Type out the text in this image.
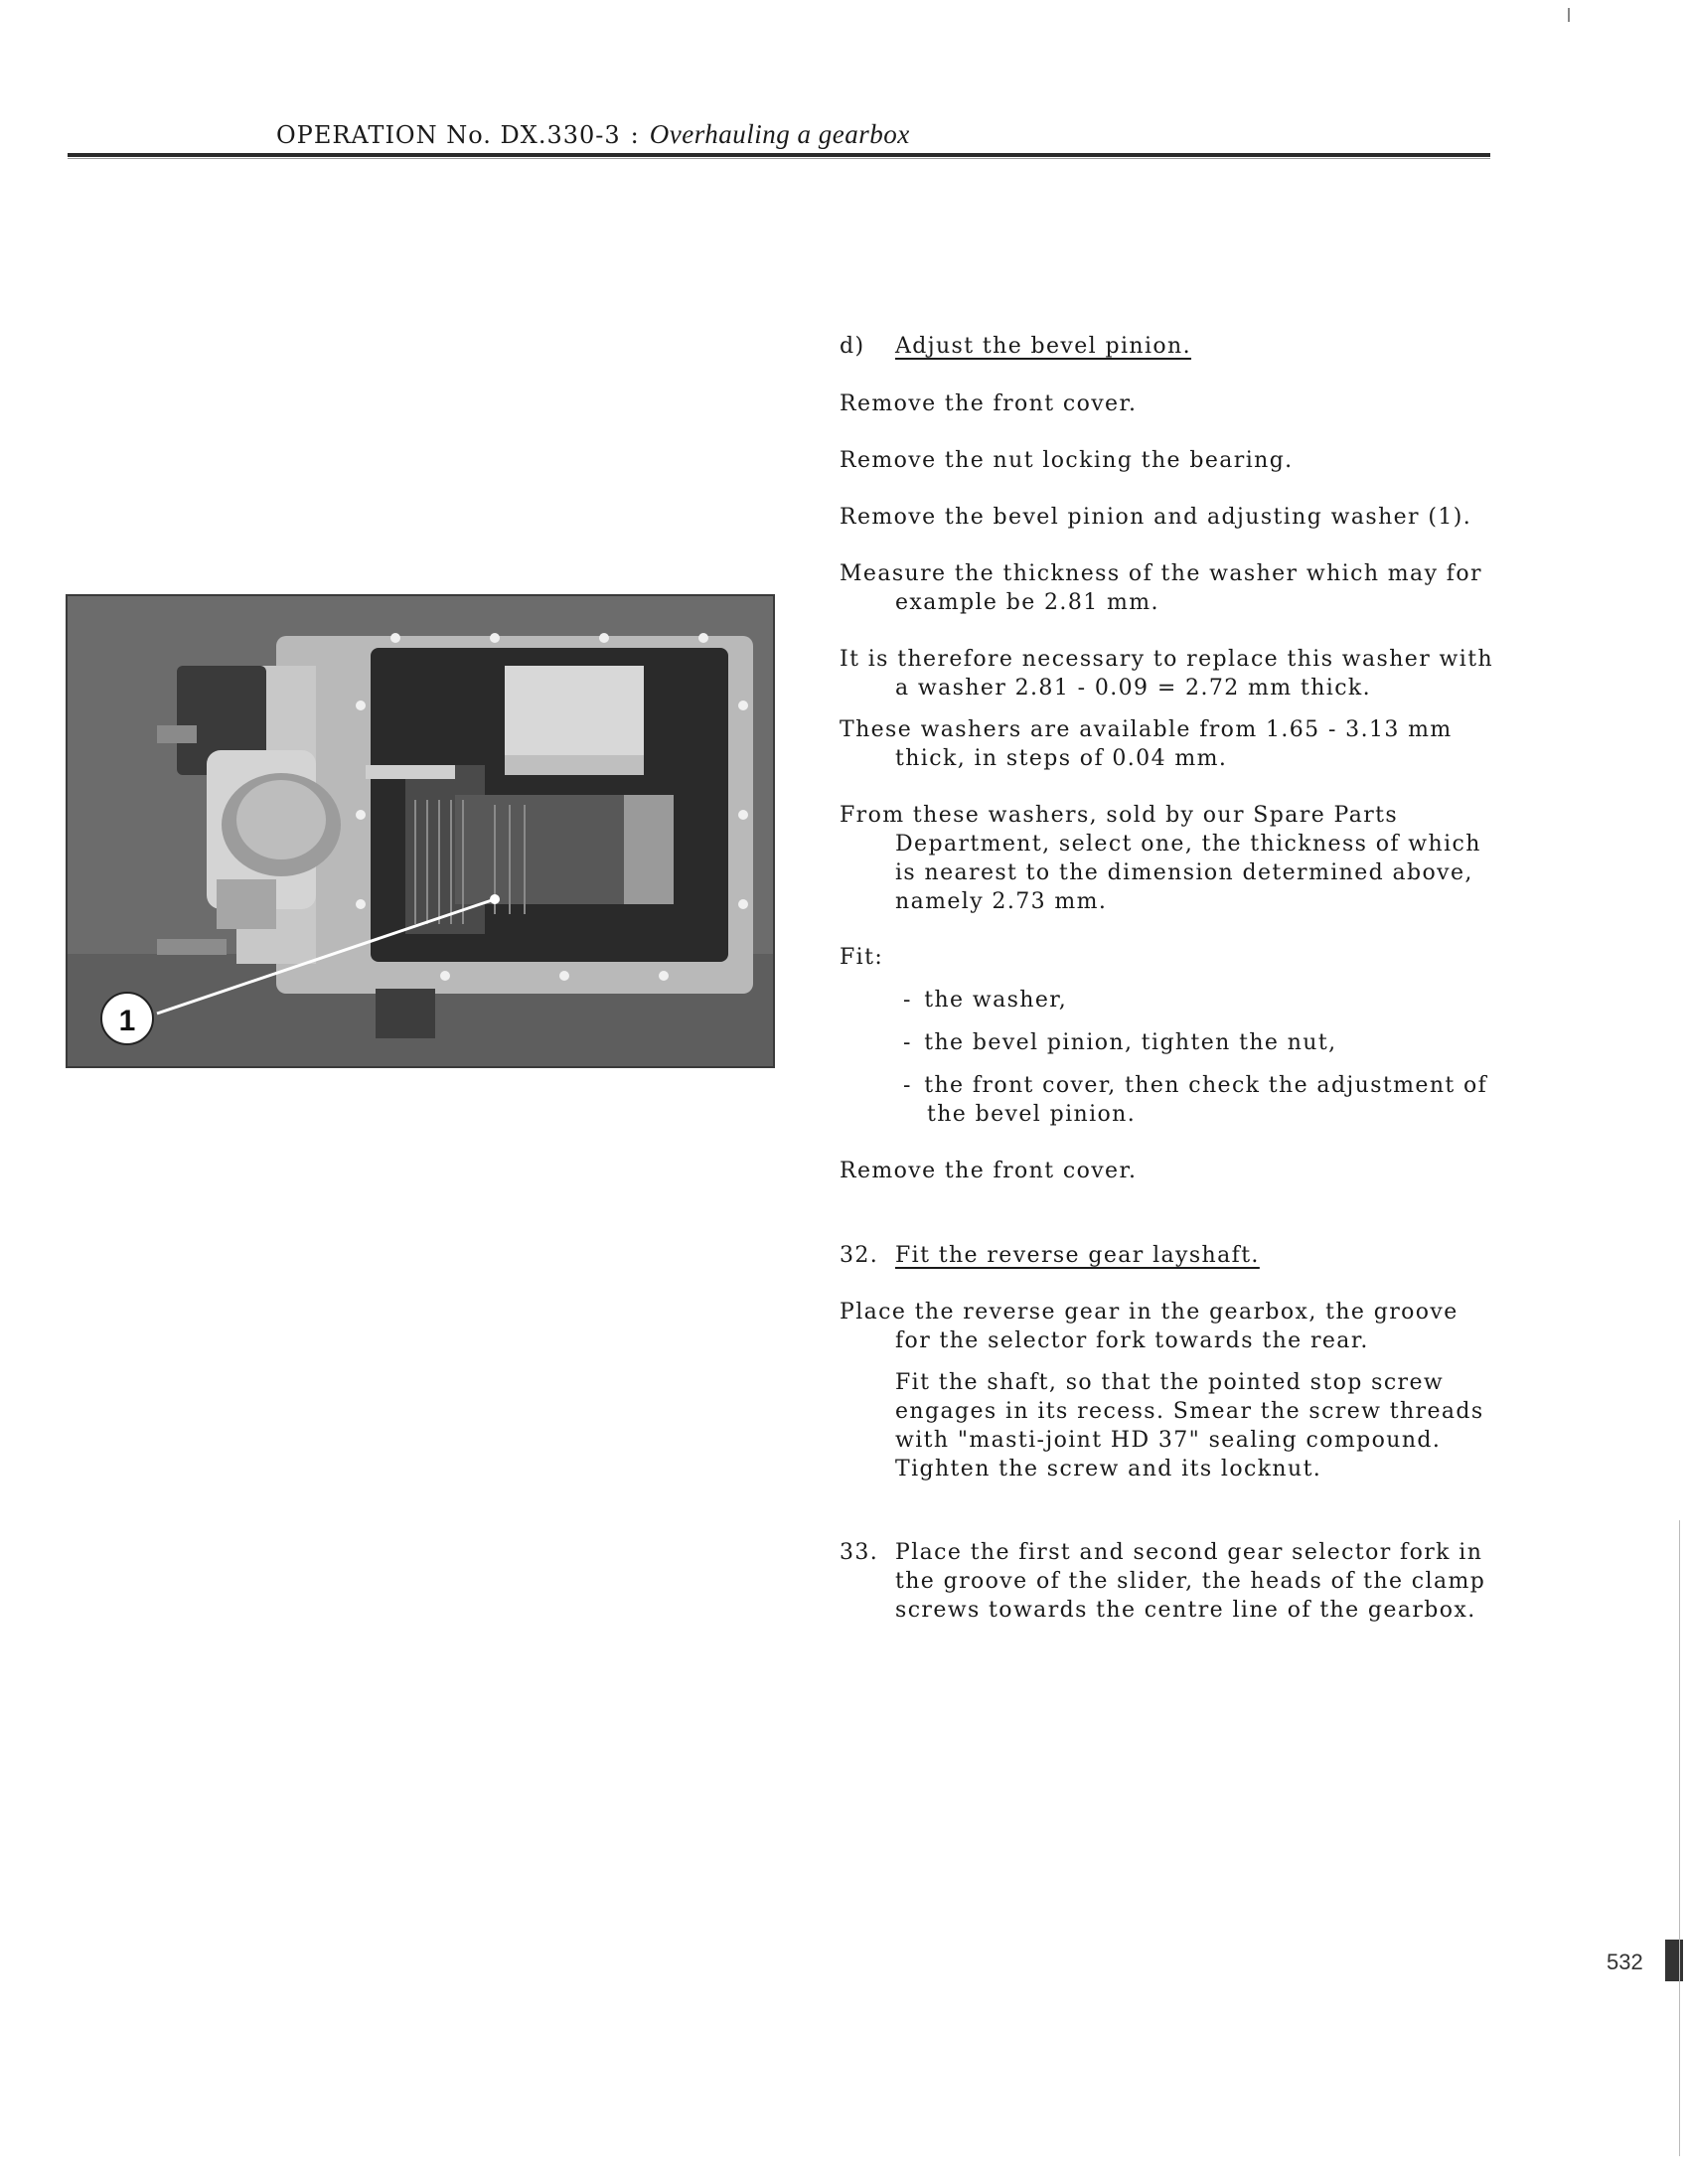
OPERATION No. DX.330-3 : Overhauling a gearbox
1

d) Adjust the bevel pinion.

Remove the front cover.

Remove the nut locking the bearing.

Remove the bevel pinion and adjusting washer (1).

Measure the thickness of the washer which may for example be 2.81 mm.

It is therefore necessary to replace this washer with a washer 2.81 - 0.09 = 2.72 mm thick.

These washers are available from 1.65 - 3.13 mm thick, in steps of 0.04 mm.

From these washers, sold by our Spare Parts Department, select one, the thickness of which is nearest to the dimension determined above, namely 2.73 mm.

Fit:

- the washer,

- the bevel pinion, tighten the nut,

- the front cover, then check the adjustment of the bevel pinion.

Remove the front cover.

32. Fit the reverse gear layshaft.

Place the reverse gear in the gearbox, the groove for the selector fork towards the rear.

Fit the shaft, so that the pointed stop screw engages in its recess. Smear the screw threads with "masti-joint HD 37" sealing compound. Tighten the screw and its locknut.

33. Place the first and second gear selector fork in the groove of the slider, the heads of the clamp screws towards the centre line of the gearbox.

532
